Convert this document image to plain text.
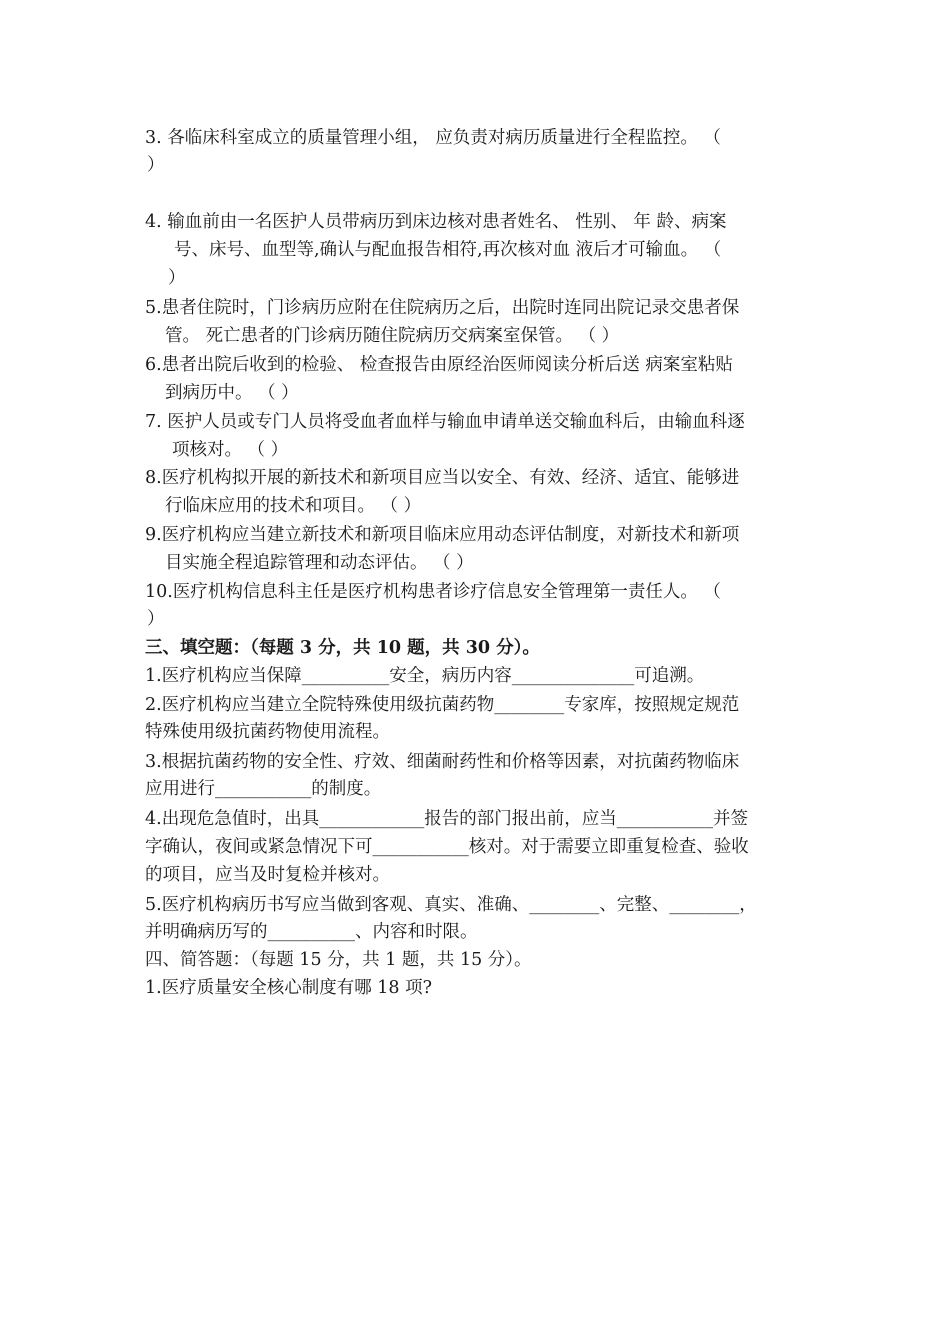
3. 各临床科室成立的质量管理小组， 应负责对病历质量进行全程监控。 （
）
4. 输血前由一名医护人员带病历到床边核对患者姓名、 性别、 年 龄、病案
号、床号、血型等,确认与配血报告相符,再次核对血 液后才可输血。 （
）
5.患者住院时，门诊病历应附在住院病历之后，出院时连同出院记录交患者保
管。 死亡患者的门诊病历随住院病历交病案室保管。 （ ）
6.患者出院后收到的检验、 检查报告由原经治医师阅读分析后送 病案室粘贴
到病历中。 （ ）
7. 医护人员或专门人员将受血者血样与输血申请单送交输血科后，由输血科逐
项核对。 （ ）
8.医疗机构拟开展的新技术和新项目应当以安全、有效、经济、适宜、能够进
行临床应用的技术和项目。 （ ）
9.医疗机构应当建立新技术和新项目临床应用动态评估制度，对新技术和新项
目实施全程追踪管理和动态评估。 （ ）
10.医疗机构信息科主任是医疗机构患者诊疗信息安全管理第一责任人。 （
）
三、填空题：（每题 3 分，共 10 题，共 30 分）。
1.医疗机构应当保障__________安全，病历内容______________可追溯。
2.医疗机构应当建立全院特殊使用级抗菌药物________专家库，按照规定规范
特殊使用级抗菌药物使用流程。
3.根据抗菌药物的安全性、疗效、细菌耐药性和价格等因素，对抗菌药物临床
应用进行___________的制度。
4.出现危急值时，出具____________报告的部门报出前，应当___________并签
字确认，夜间或紧急情况下可___________核对。对于需要立即重复检查、验收
的项目，应当及时复检并核对。
5.医疗机构病历书写应当做到客观、真实、准确、________、完整、________，
并明确病历写的__________、内容和时限。
四、简答题：（每题 15 分，共 1 题，共 15 分）。
1.医疗质量安全核心制度有哪 18 项?
